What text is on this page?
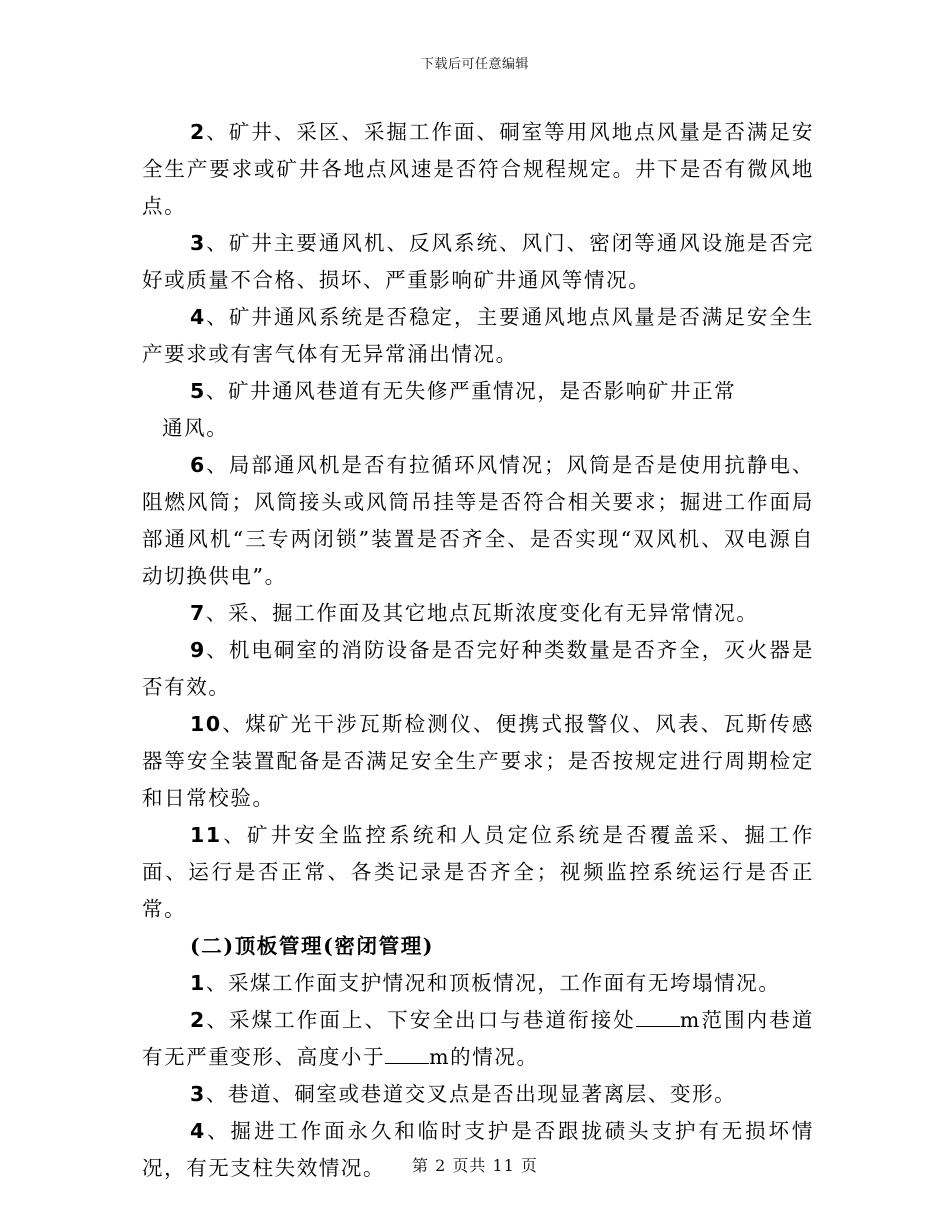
下载后可任意编辑

2、矿井、采区、采掘工作面、硐室等用风地点风量是否满足安全生产要求或矿井各地点风速是否符合规程规定。井下是否有微风地点。

3、矿井主要通风机、反风系统、风门、密闭等通风设施是否完好或质量不合格、损坏、严重影响矿井通风等情况。

4、矿井通风系统是否稳定，主要通风地点风量是否满足安全生产要求或有害气体有无异常涌出情况。

5、矿井通风巷道有无失修严重情况，是否影响矿井正常

通风。

6、局部通风机是否有拉循环风情况；风筒是否是使用抗静电、阻燃风筒；风筒接头或风筒吊挂等是否符合相关要求；掘进工作面局部通风机“三专两闭锁”装置是否齐全、是否实现“双风机、双电源自动切换供电”。

7、采、掘工作面及其它地点瓦斯浓度变化有无异常情况。

9、机电硐室的消防设备是否完好种类数量是否齐全，灭火器是否有效。

10、煤矿光干涉瓦斯检测仪、便携式报警仪、风表、瓦斯传感器等安全装置配备是否满足安全生产要求；是否按规定进行周期检定和日常校验。

11、矿井安全监控系统和人员定位系统是否覆盖采、掘工作面、运行是否正常、各类记录是否齐全；视频监控系统运行是否正常。

(二)顶板管理(密闭管理)

1、采煤工作面支护情况和顶板情况，工作面有无垮塌情况。

2、采煤工作面上、下安全出口与巷道衔接处 m范围内巷道有无严重变形、高度小于 m的情况。

3、巷道、硐室或巷道交叉点是否出现显著离层、变形。

4、掘进工作面永久和临时支护是否跟拢碛头支护有无损坏情况，有无支柱失效情况。	第 2 页共 11 页
